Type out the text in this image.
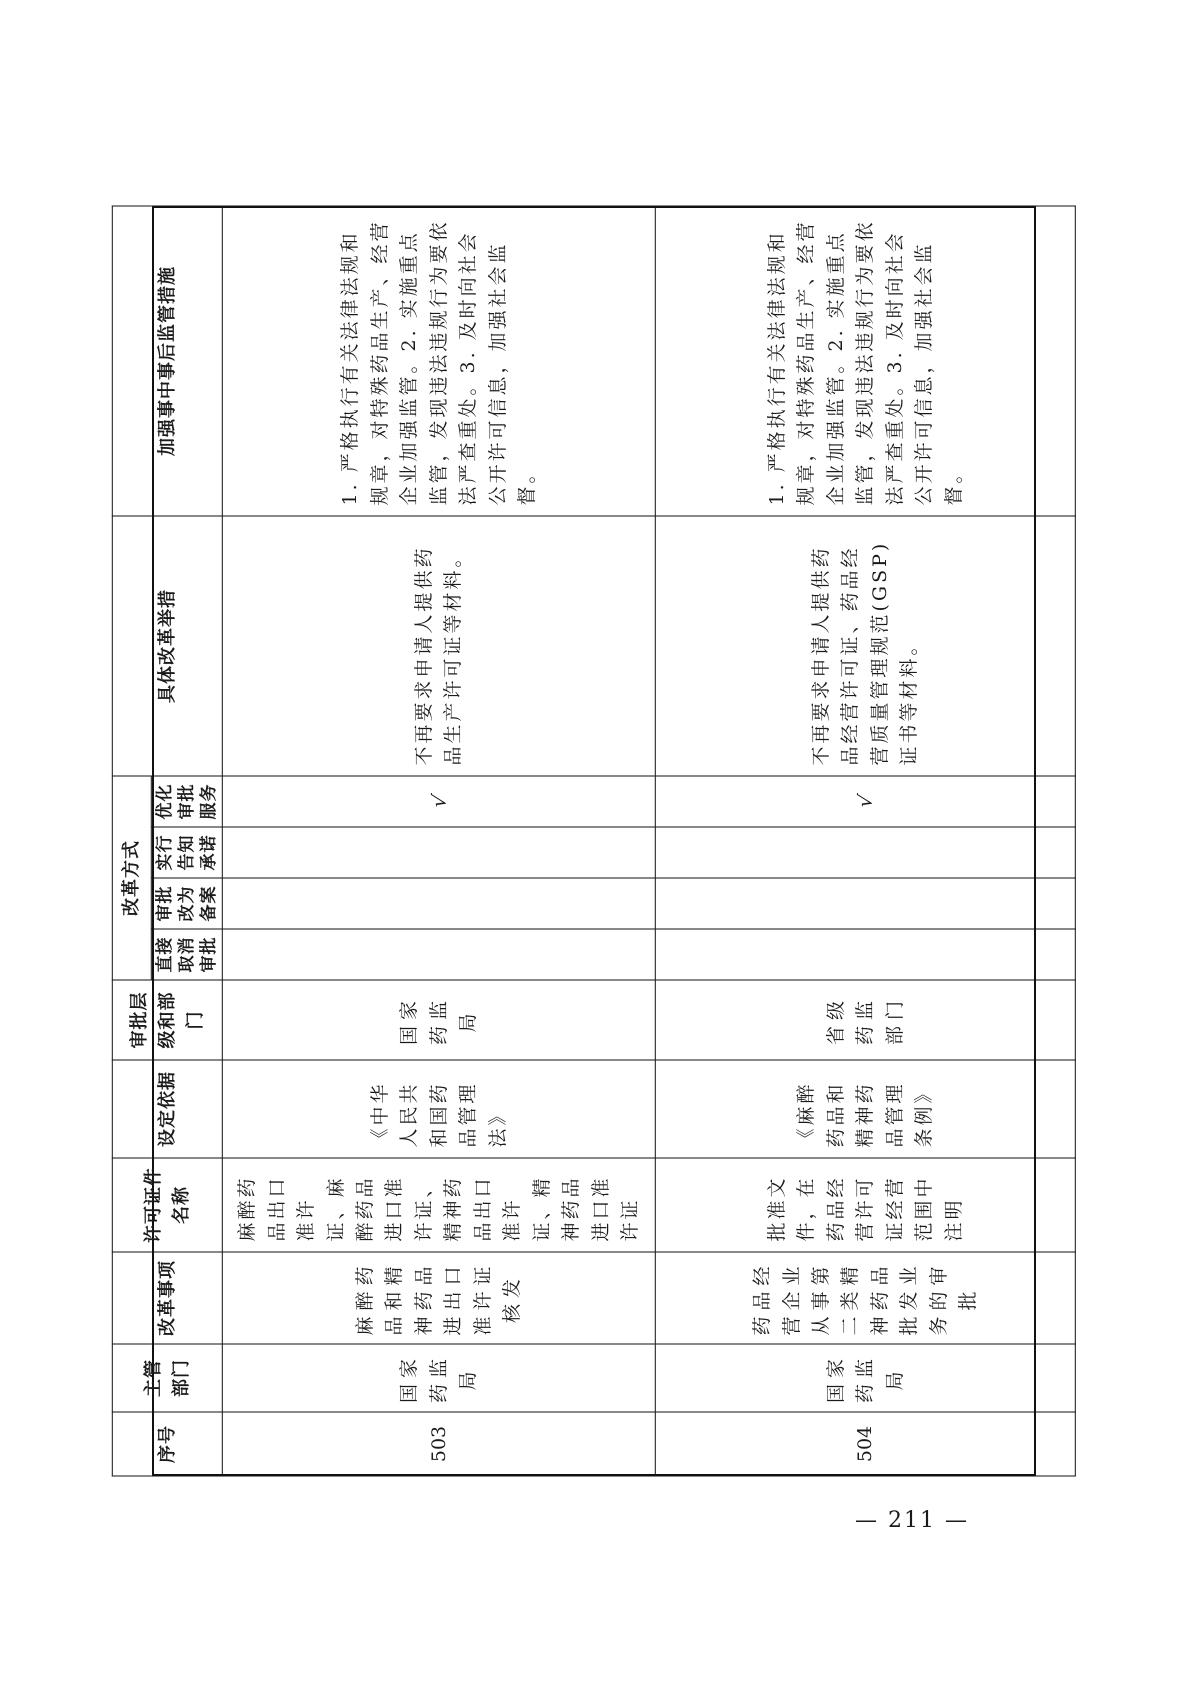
序号	主管部门	改革事项	许可证件名称	设定依据	审批层级和部门	改革方式				具体改革举措	加强事中事后监管措施
						直接取消审批	审批改为备案	实行告知承诺	优化审批服务		
503	国家药监局	麻醉药品和精神药品进出口准许证核发	麻醉药品出口准许证、麻醉药品进口准许证、精神药品出口准许证、精神药品进口准许证	《中华人民共和国药品管理法》	国家药监局				√	不再要求申请人提供药品生产许可证等材料。	1. 严格执行有关法律法规和规章，对特殊药品生产、经营企业加强监管。2. 实施重点监管，发现违法违规行为要依法严查重处。3. 及时向社会公开许可信息，加强社会监督。
504	国家药监局	药品经营企业从事第二类精神药品批发业务的审批	批准文件，在药品经营许可证经营范围中注明	《麻醉药品和精神药品管理条例》	省级药监部门				√	不再要求申请人提供药品经营许可证、药品经营质量管理规范(GSP)证书等材料。	1. 严格执行有关法律法规和规章，对特殊药品生产、经营企业加强监管。2. 实施重点监管，发现违法违规行为要依法严查重处。3. 及时向社会公开许可信息，加强社会监督。
— 211 —
